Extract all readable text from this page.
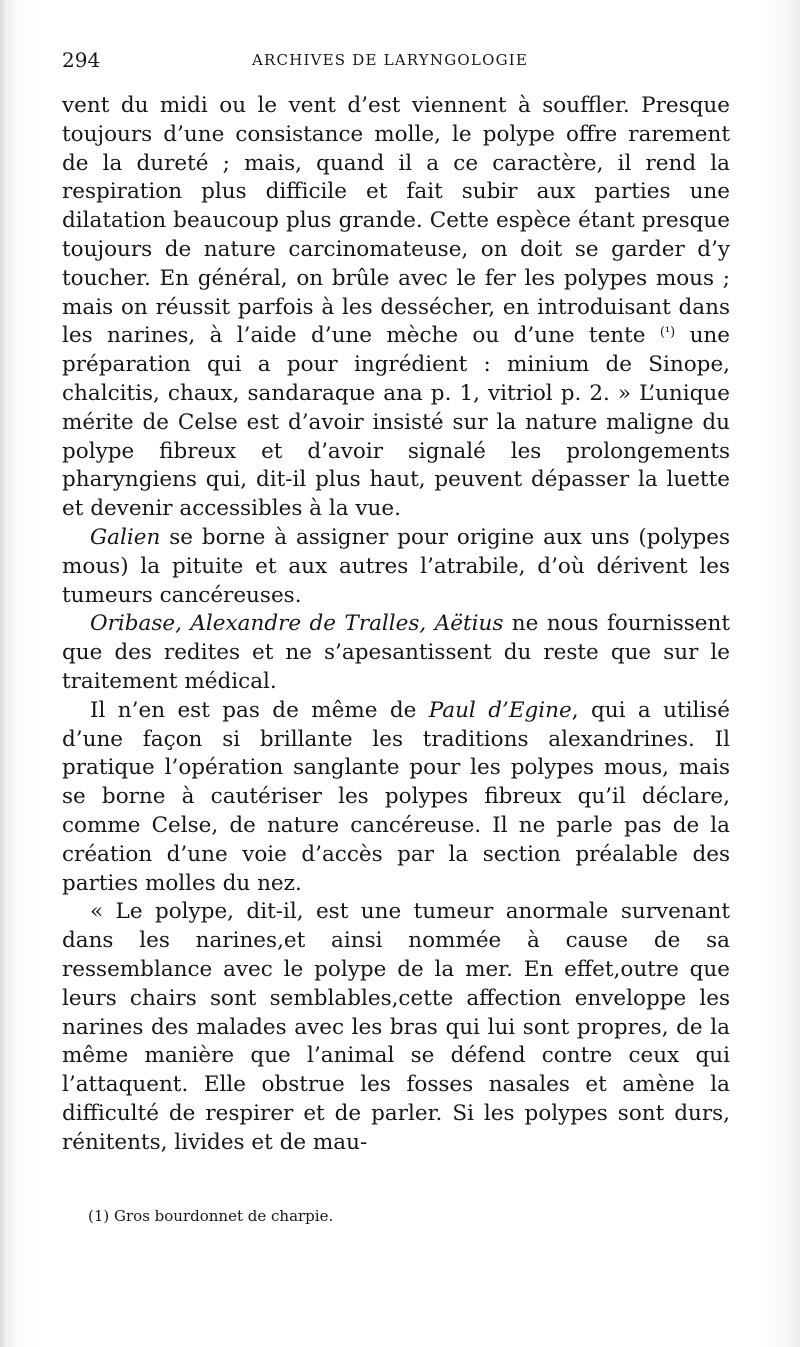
294	ARCHIVES DE LARYNGOLOGIE

vent du midi ou le vent d’est viennent à souffler. Presque toujours d’une consistance molle, le polype offre rarement de la dureté ; mais, quand il a ce caractère, il rend la respiration plus difficile et fait subir aux parties une dilatation beaucoup plus grande. Cette espèce étant presque toujours de nature carcinomateuse, on doit se garder d’y toucher. En général, on brûle avec le fer les polypes mous ; mais on réussit parfois à les dessécher, en introduisant dans les narines, à l’aide d’une mèche ou d’une tente $^{(^1)}$ une préparation qui a pour ingrédient : minium de Sinope, chalcitis, chaux, sandaraque ana p. 1, vitriol p. 2. » L’unique mérite de Celse est d’avoir insisté sur la nature maligne du polype fibreux et d’avoir signalé les prolongements pharyngiens qui, dit-il plus haut, peuvent dépasser la luette et devenir accessibles à la vue.

Galien se borne à assigner pour origine aux uns (polypes mous) la pituite et aux autres l’atrabile, d’où dérivent les tumeurs cancéreuses.

Oribase, Alexandre de Tralles, Aëtius ne nous fournissent que des redites et ne s’apesantissent du reste que sur le traitement médical.

Il n’en est pas de même de Paul d’Egine, qui a utilisé d’une façon si brillante les traditions alexandrines. Il pratique l’opération sanglante pour les polypes mous, mais se borne à cautériser les polypes fibreux qu’il déclare, comme Celse, de nature cancéreuse. Il ne parle pas de la création d’une voie d’accès par la section préalable des parties molles du nez.

« Le polype, dit-il, est une tumeur anormale survenant dans les narines,et ainsi nommée à cause de sa ressemblance avec le polype de la mer. En effet,outre que leurs chairs sont semblables,cette affection enveloppe les narines des malades avec les bras qui lui sont propres, de la même manière que l’animal se défend contre ceux qui l’attaquent. Elle obstrue les fosses nasales et amène la difficulté de respirer et de parler. Si les polypes sont durs, rénitents, livides et de mau-

(1) Gros bourdonnet de charpie.
